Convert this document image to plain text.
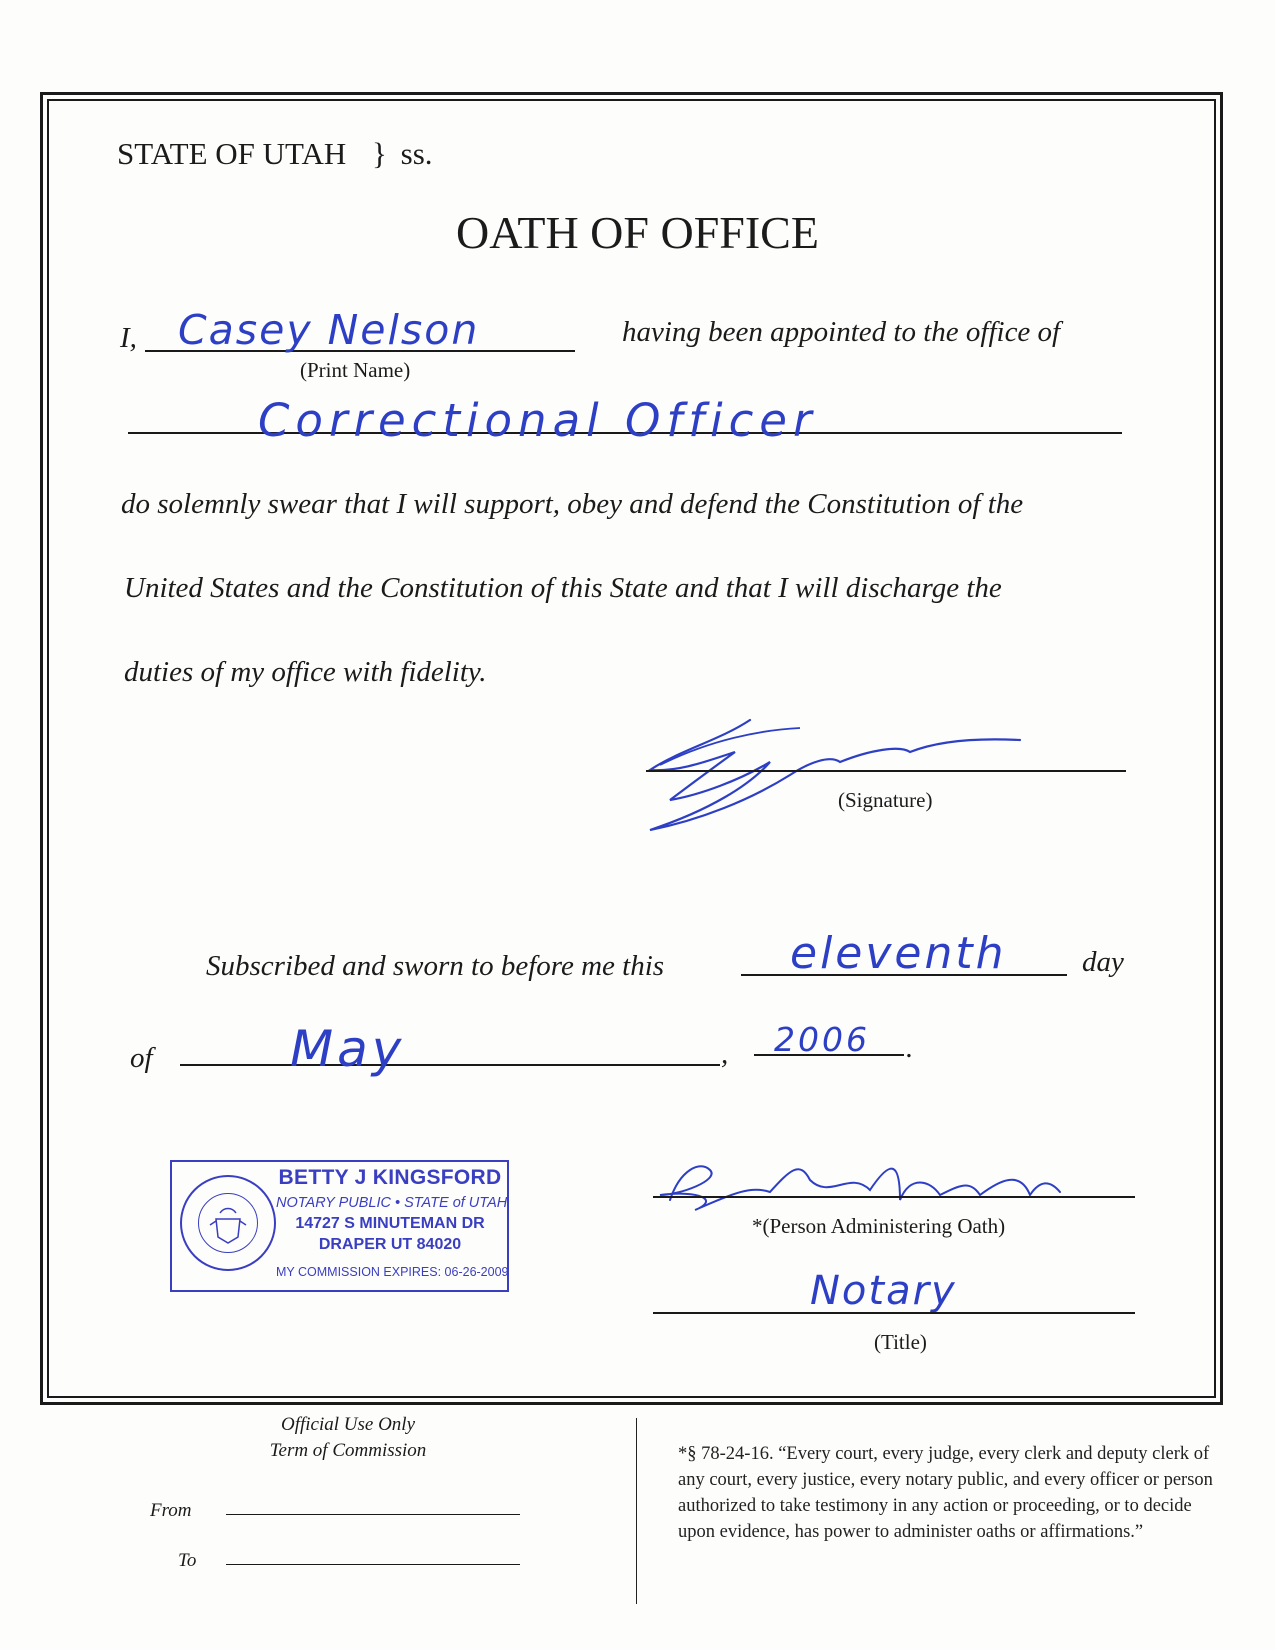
STATE OF UTAH } ss.
OATH OF OFFICE
I, Casey Nelson
(Print Name)
having been appointed to the office of
Correctional Officer
do solemnly swear that I will support, obey and defend the Constitution of the
United States and the Constitution of this State and that I will discharge the
duties of my office with fidelity.
(Signature)
Subscribed and sworn to before me this	eleventh	day
of	May	, 2006 .
BETTY J KINGSFORD
NOTARY PUBLIC • STATE of UTAH
14727 S MINUTEMAN DR
DRAPER UT 84020
MY COMMISSION EXPIRES: 06-26-2009
*(Person Administering Oath)
Notary
(Title)
Official Use Only
Term of Commission
From
To
*§ 78-24-16. “Every court, every judge, every clerk and deputy clerk of any court, every justice, every notary public, and every officer or person authorized to take testimony in any action or proceeding, or to decide upon evidence, has power to administer oaths or affirmations.”
